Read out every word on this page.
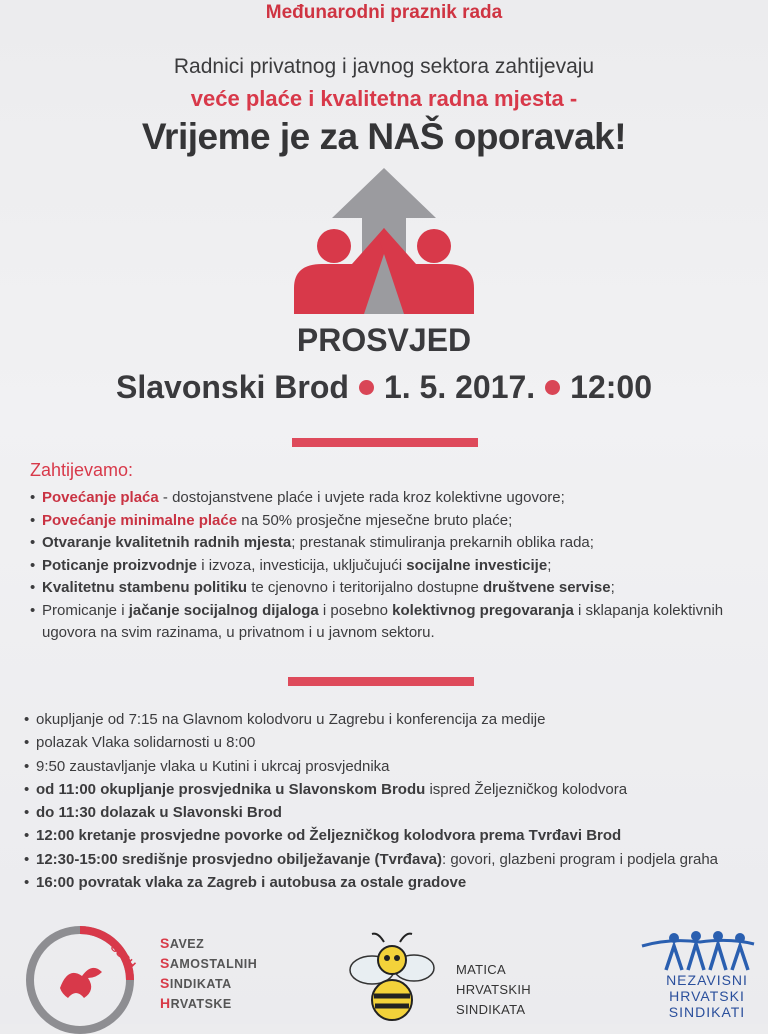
Međunarodni praznik rada
Radnici privatnog i javnog sektora zahtijevaju
veće plaće i kvalitetna radna mjesta -
Vrijeme je za NAŠ oporavak!
PROSVJED
Slavonski Brod 1. 5. 2017. 12:00
Zahtijevamo:
• Povećanje plaća - dostojanstvene plaće i uvjete rada kroz kolektivne ugovore;
• Povećanje minimalne plaće na 50% prosječne mjesečne bruto plaće;
• Otvaranje kvalitetnih radnih mjesta; prestanak stimuliranja prekarnih oblika rada;
• Poticanje proizvodnje i izvoza, investicija, uključujući socijalne investicije;
• Kvalitetnu stambenu politiku te cjenovno i teritorijalno dostupne društvene servise;
• Promicanje i jačanje socijalnog dijaloga i posebno kolektivnog pregovaranja i sklapanja kolektivnih ugovora na svim razinama, u privatnom i u javnom sektoru.
• okupljanje od 7:15 na Glavnom kolodvoru u Zagrebu i konferencija za medije
• polazak Vlaka solidarnosti u 8:00
• 9:50 zaustavljanje vlaka u Kutini i ukrcaj prosvjednika
• od 11:00 okupljanje prosvjednika u Slavonskom Brodu ispred Željezničkog kolodvora
• do 11:30 dolazak u Slavonski Brod
• 12:00 kretanje prosvjedne povorke od Željezničkog kolodvora prema Tvrđavi Brod
• 12:30-15:00 središnje prosvjedno obilježavanje (Tvrđava): govori, glazbeni program i podjela graha
• 16:00 povratak vlaka za Zagreb i autobusa za ostale gradove
SSSH SAVEZ
SAMOSTALNIH
SINDIKATA
HRVATSKE
MATICA
HRVATSKIH
SINDIKATA
NEZAVISNI
HRVATSKI
SINDIKATI
